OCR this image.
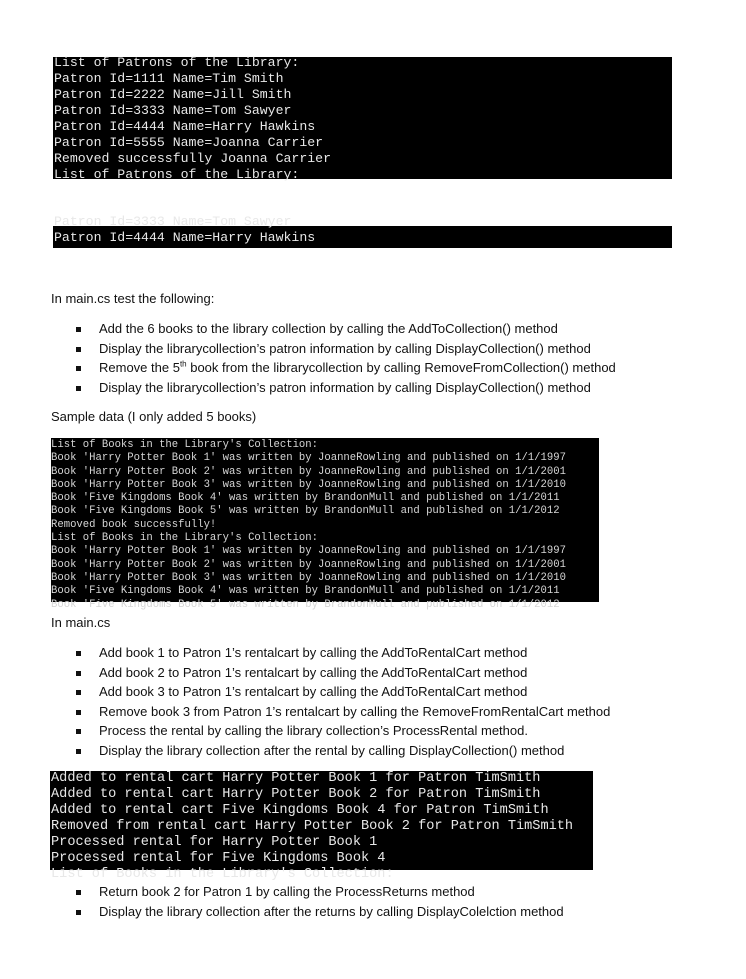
List of Patrons of the Library:
Patron Id=1111 Name=Tim Smith
Patron Id=2222 Name=Jill Smith
Patron Id=3333 Name=Tom Sawyer
Patron Id=4444 Name=Harry Hawkins
Patron Id=5555 Name=Joanna Carrier
Removed successfully Joanna Carrier
List of Patrons of the Library:
Patron Id=3333 Name=Tom Sawyer
Patron Id=4444 Name=Harry Hawkins
In main.cs test the following:
Add the 6 books to the library collection by calling the AddToCollection() method
Display the librarycollection’s patron information by calling DisplayCollection() method
Remove the 5th book from the librarycollection by calling RemoveFromCollection() method
Display the librarycollection’s patron information by calling DisplayCollection() method
Sample data (I only added 5 books)
List of Books in the Library's Collection:
Book 'Harry Potter Book 1' was written by JoanneRowling and published on 1/1/1997
Book 'Harry Potter Book 2' was written by JoanneRowling and published on 1/1/2001
Book 'Harry Potter Book 3' was written by JoanneRowling and published on 1/1/2010
Book 'Five Kingdoms Book 4' was written by BrandonMull and published on 1/1/2011
Book 'Five Kingdoms Book 5' was written by BrandonMull and published on 1/1/2012
Removed book successfully!
List of Books in the Library's Collection:
Book 'Harry Potter Book 1' was written by JoanneRowling and published on 1/1/1997
Book 'Harry Potter Book 2' was written by JoanneRowling and published on 1/1/2001
Book 'Harry Potter Book 3' was written by JoanneRowling and published on 1/1/2010
Book 'Five Kingdoms Book 4' was written by BrandonMull and published on 1/1/2011
Book 'Five Kingdoms Book 5' was written by BrandonMull and published on 1/1/2012
In main.cs
Add book 1 to Patron 1’s rentalcart by calling the AddToRentalCart method
Add book 2 to Patron 1’s rentalcart by calling the AddToRentalCart method
Add book 3 to Patron 1’s rentalcart by calling the AddToRentalCart method
Remove book 3 from Patron 1’s rentalcart by calling the RemoveFromRentalCart method
Process the rental by calling the library collection’s ProcessRental method.
Display the library collection after the rental by calling DisplayCollection() method
Added to rental cart Harry Potter Book 1 for Patron TimSmith
Added to rental cart Harry Potter Book 2 for Patron TimSmith
Added to rental cart Five Kingdoms Book 4 for Patron TimSmith
Removed from rental cart Harry Potter Book 2 for Patron TimSmith
Processed rental for Harry Potter Book 1
Processed rental for Five Kingdoms Book 4
List of Books in the Library's Collection:
Return book 2 for Patron 1 by calling the ProcessReturns method
Display the library collection after the returns by calling DisplayColelction method
